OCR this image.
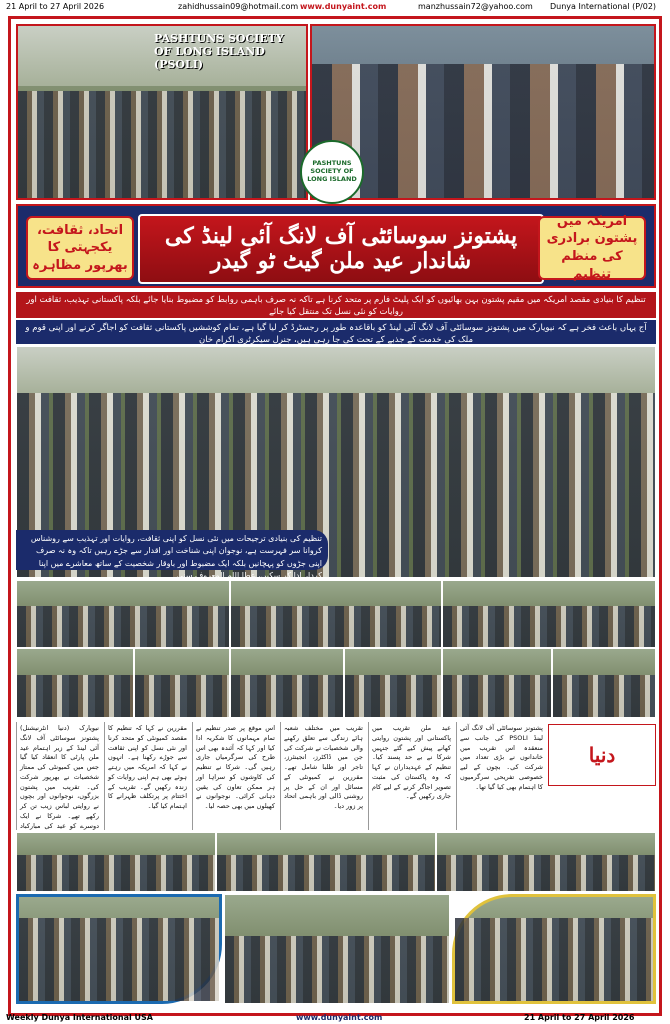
21 April to 27 April 2026	zahidhussain09@hotmail.com www.dunyaint.com	manzhussain72@yahoo.com Dunya International (P/02)
PASHTUNS SOCIETY OF LONG ISLAND (PSOLI)
PASHTUNS SOCIETY OF LONG ISLAND
اتحاد، ثقافت، یکجہتی کا بھرپور مظاہرہ
پشتونز سوسائٹی آف لانگ آئی لینڈ کی شاندار عید ملن گیٹ ٹو گیدر
امریکہ میں پشتون برادری کی منظم تنظیم
تنظیم کا بنیادی مقصد امریکہ میں مقیم پشتون بہن بھائیوں کو ایک پلیٹ فارم پر متحد کرنا ہے تاکہ نہ صرف باہمی روابط کو مضبوط بنایا جائے بلکہ پاکستانی تہذیب، ثقافت اور روایات کو نئی نسل تک منتقل کیا جائے
آج یہاں باعث فخر ہے کہ نیویارک میں پشتونز سوسائٹی آف لانگ آئی لینڈ کو باقاعدہ طور پر رجسٹرڈ کر لیا گیا ہے، تمام کوششیں پاکستانی ثقافت کو اجاگر کرنے اور اپنی قوم و ملک کی خدمت کے جذبے کے تحت کی جا رہی ہیں، جنرل سیکرٹری اکرام خان
تنظیم کی بنیادی ترجیحات میں نئی نسل کو اپنی ثقافت، روایات اور تہذیب سے روشناس کروانا سر فہرست ہے، نوجوان اپنی شناخت اور اقدار سے جڑے رہیں تاکہ وہ نہ صرف اپنی جڑوں کو پہچانیں بلکہ ایک مضبوط اور باوقار شخصیت کے ساتھ معاشرے میں اپنا کردار ادا کر سکیں، عطا اللہ المعروف سنی
نیویارک (دنیا انٹرنیشنل) پشتونز سوسائٹی آف لانگ آئی لینڈ کے زیر اہتمام عید ملن پارٹی کا انعقاد کیا گیا جس میں کمیونٹی کی ممتاز شخصیات نے بھرپور شرکت کی۔ تقریب میں پشتون بزرگوں، نوجوانوں اور بچوں نے روایتی لباس زیب تن کر رکھے تھے۔ شرکا نے ایک دوسرے کو عید کی مبارکباد
مقررین نے کہا کہ تنظیم کا مقصد کمیونٹی کو متحد کرنا اور نئی نسل کو اپنی ثقافت سے جوڑے رکھنا ہے۔ انہوں نے کہا کہ امریکہ میں رہتے ہوئے بھی ہم اپنی روایات کو زندہ رکھیں گے۔ تقریب کے اختتام پر پرتکلف ظہرانے کا اہتمام کیا گیا۔
اس موقع پر صدر تنظیم نے تمام مہمانوں کا شکریہ ادا کیا اور کہا کہ آئندہ بھی اس طرح کی سرگرمیاں جاری رہیں گی۔ شرکا نے تنظیم کی کاوشوں کو سراہا اور ہر ممکن تعاون کی یقین دہانی کرائی۔ نوجوانوں نے کھیلوں میں بھی حصہ لیا۔
تقریب میں مختلف شعبہ ہائے زندگی سے تعلق رکھنے والی شخصیات نے شرکت کی جن میں ڈاکٹرز، انجینئرز، تاجر اور طلبا شامل تھے۔ مقررین نے کمیونٹی کے مسائل اور ان کے حل پر روشنی ڈالی اور باہمی اتحاد پر زور دیا۔
عید ملن تقریب میں پاکستانی اور پشتون روایتی کھانے پیش کیے گئے جنہیں شرکا نے بے حد پسند کیا۔ تنظیم کے عہدیداران نے کہا کہ وہ پاکستان کی مثبت تصویر اجاگر کرنے کے لیے کام جاری رکھیں گے۔
پشتونز سوسائٹی آف لانگ آئی لینڈ PSOLI کی جانب سے منعقدہ اس تقریب میں خاندانوں نے بڑی تعداد میں شرکت کی۔ بچوں کے لیے خصوصی تفریحی سرگرمیوں کا اہتمام بھی کیا گیا تھا۔
دنیا
Weekly Dunya International USA	www.dunyaint.com	21 April to 27 April 2026
